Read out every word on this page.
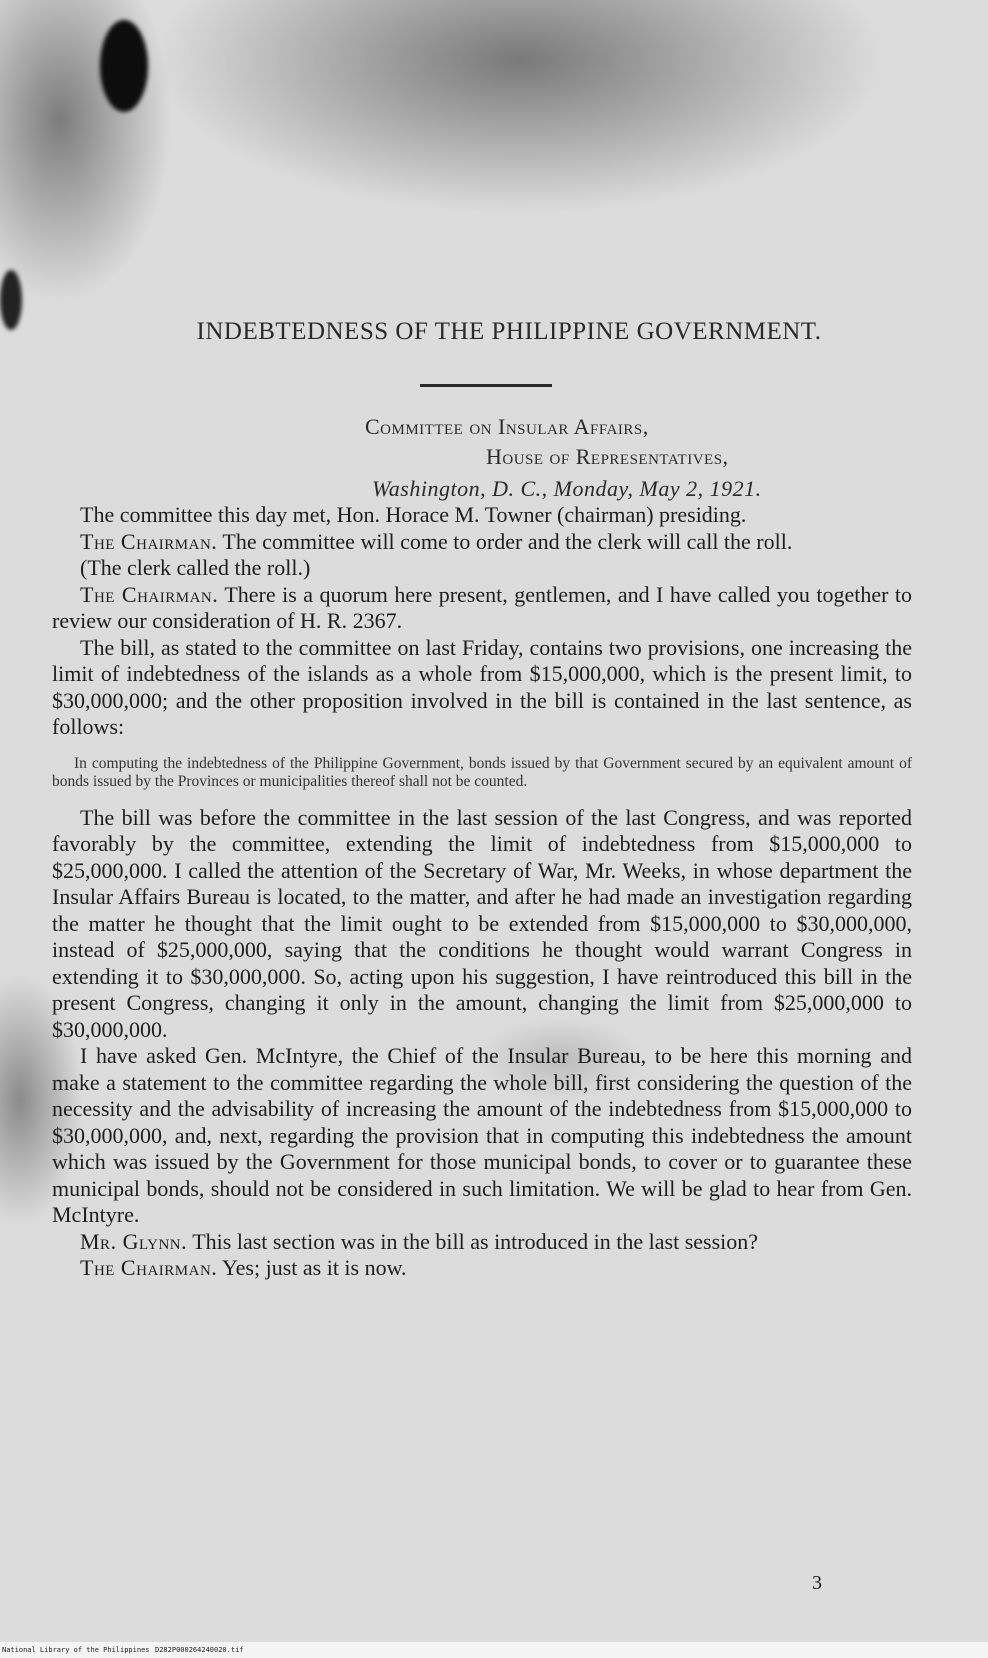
INDEBTEDNESS OF THE PHILIPPINE GOVERNMENT.
Committee on Insular Affairs,
House of Representatives,
Washington, D. C., Monday, May 2, 1921.

The committee this day met, Hon. Horace M. Towner (chairman) presiding.

The Chairman. The committee will come to order and the clerk will call the roll.

(The clerk called the roll.)

The Chairman. There is a quorum here present, gentlemen, and I have called you together to review our consideration of H. R. 2367.

The bill, as stated to the committee on last Friday, contains two provisions, one increasing the limit of indebtedness of the islands as a whole from $15,000,000, which is the present limit, to $30,000,000; and the other proposition involved in the bill is contained in the last sentence, as follows:

In computing the indebtedness of the Philippine Government, bonds issued by that Government secured by an equivalent amount of bonds issued by the Provinces or municipalities thereof shall not be counted.

The bill was before the committee in the last session of the last Congress, and was reported favorably by the committee, extending the limit of indebtedness from $15,000,000 to $25,000,000. I called the attention of the Secretary of War, Mr. Weeks, in whose department the Insular Affairs Bureau is located, to the matter, and after he had made an investigation regarding the matter he thought that the limit ought to be extended from $15,000,000 to $30,000,000, instead of $25,000,000, saying that the conditions he thought would warrant Congress in extending it to $30,000,000. So, acting upon his suggestion, I have reintroduced this bill in the present Congress, changing it only in the amount, changing the limit from $25,000,000 to $30,000,000.

I have asked Gen. McIntyre, the Chief of the Insular Bureau, to be here this morning and make a statement to the committee regarding the whole bill, first considering the question of the necessity and the advisability of increasing the amount of the indebtedness from $15,000,000 to $30,000,000, and, next, regarding the provision that in computing this indebtedness the amount which was issued by the Government for those municipal bonds, to cover or to guarantee these municipal bonds, should not be considered in such limitation. We will be glad to hear from Gen. McIntyre.

Mr. Glynn. This last section was in the bill as introduced in the last session?

The Chairman. Yes; just as it is now.

3
National Library of the Philippines D282P000264240020.tif
